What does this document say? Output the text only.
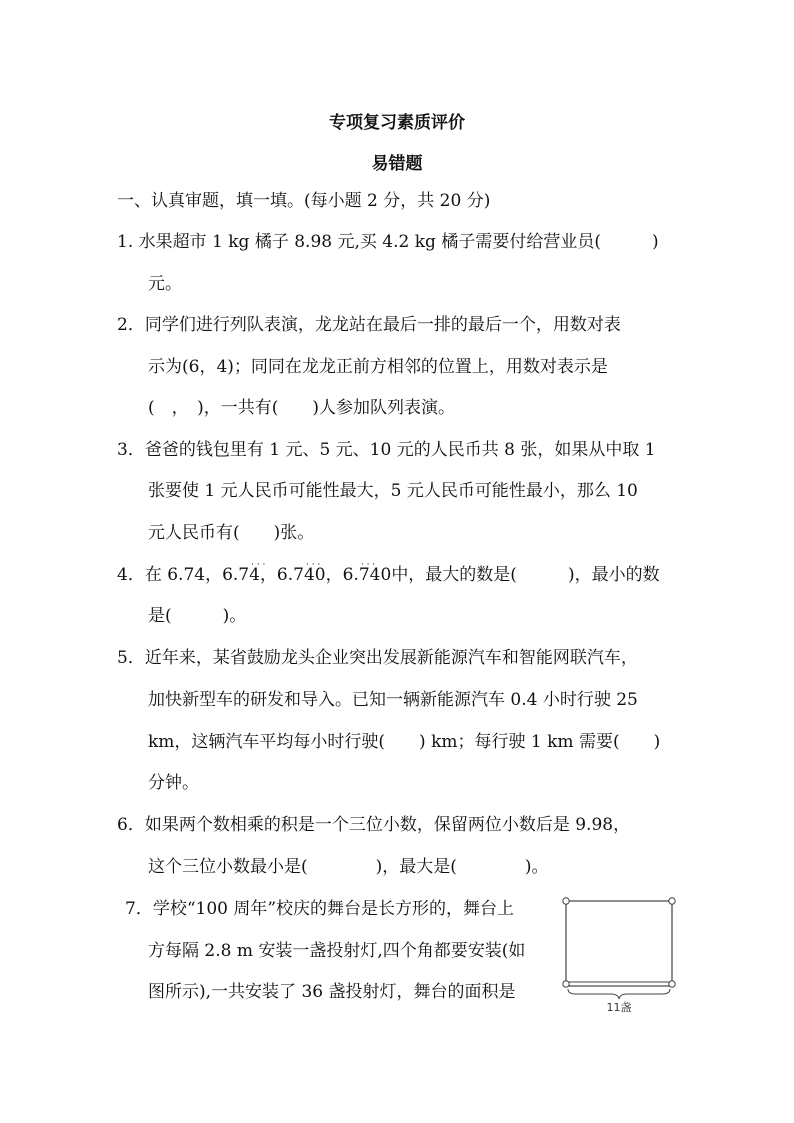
专项复习素质评价
易错题
一、认真审题，填一填。(每小题 2 分，共 20 分)
1. 水果超市 1 kg 橘子 8.98 元,买 4.2 kg 橘子需要付给营业员(　　　)
元。
2．同学们进行列队表演，龙龙站在最后一排的最后一个，用数对表
示为(6，4)；同同在龙龙正前方相邻的位置上，用数对表示是
(　，　)，一共有(　　)人参加队列表演。
3．爸爸的钱包里有 1 元、5 元、10 元的人民币共 8 张，如果从中取 1
张要使 1 元人民币可能性最大，5 元人民币可能性最小，那么 10
元人民币有(　　)张。
4．在 6.74，6.7· · · 4，6.7· · · 40，6.· · · 740中，最大的数是(　　　)，最小的数
是(　　　)。
5．近年来，某省鼓励龙头企业突出发展新能源汽车和智能网联汽车，
加快新型车的研发和导入。已知一辆新能源汽车 0.4 小时行驶 25
km，这辆汽车平均每小时行驶(　　) km；每行驶 1 km 需要(　　)
分钟。
6．如果两个数相乘的积是一个三位小数，保留两位小数后是 9.98，
这个三位小数最小是(　　　　)，最大是(　　　　)。
7．学校“100 周年”校庆的舞台是长方形的，舞台上
方每隔 2.8 m 安装一盏投射灯,四个角都要安装(如
图所示),一共安装了 36 盏投射灯，舞台的面积是
11盏
